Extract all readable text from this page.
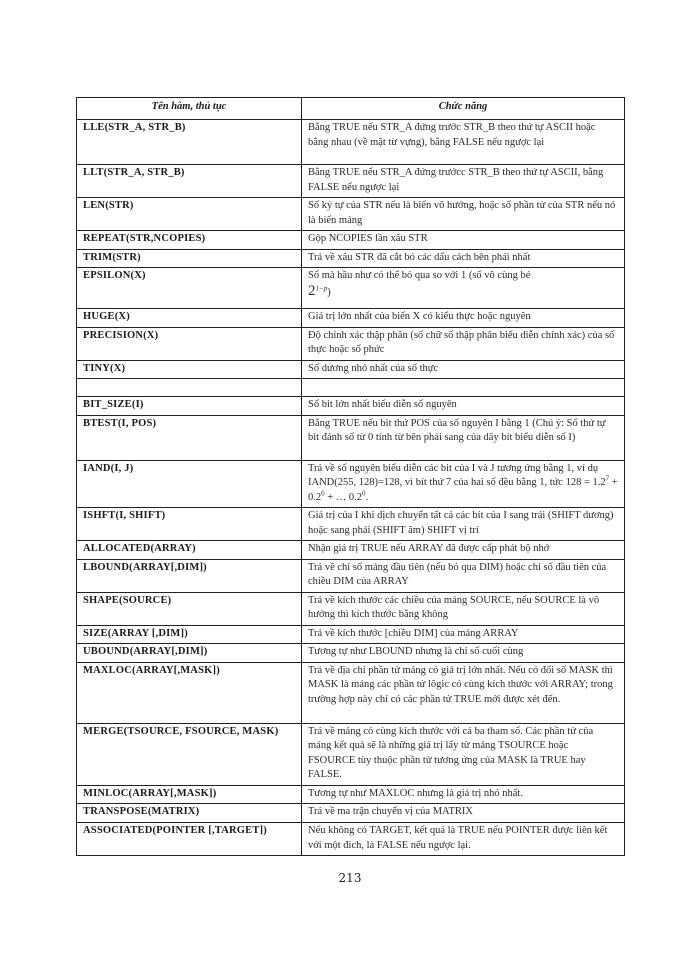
Tên hàm, thủ tục	Chức năng
LLE(STR_A, STR_B)	Bằng TRUE nếu STR_A đứng trước STR_B theo thứ tự ASCII hoặc bằng nhau (về mặt từ vựng), bằng FALSE nếu ngược lại
LLT(STR_A, STR_B)	Bằng TRUE nếu STR_A đứng trướcc STR_B theo thứ tự ASCII, bằng FALSE nếu ngược lại
LEN(STR)	Số ký tự của STR nếu là biến vô hướng, hoặc số phần tử của STR nếu nó là biến mảng
REPEAT(STR,NCOPIES)	Gộp NCOPIES lần xâu STR
TRIM(STR)	Trả về xâu STR đã cắt bỏ các dấu cách bên phải nhất
EPSILON(X)	Số mà hầu như có thể bỏ qua so với 1 (số vô cùng bé
$2^{1-p}$)
HUGE(X)	Giá trị lớn nhất của biến X có kiểu thực hoặc nguyên
PRECISION(X)	Độ chính xác thập phân (số chữ số thập phân biểu diễn chính xác) của số thực hoặc số phức
TINY(X)	Số dương nhỏ nhất của số thực

BIT_SIZE(I)	Số bit lớn nhất biểu diễn số nguyên
BTEST(I, POS)	Bằng TRUE nếu bit thứ POS của số nguyên I bằng 1 (Chú ý: Số thứ tự bit đánh số từ 0 tính từ bên phải sang của dãy bít biểu diễn số I)
IAND(I, J)	Trả về số nguyên biểu diễn các bit của I và J tương ứng bằng 1, ví dụ IAND(255, 128)=128, vì bít thứ 7 của hai số đều bằng 1, tức $128 = 1.2^7 + 0.2^6$ + … $0.2^0$.
ISHFT(I, SHIFT)	Giá trị của I khi dịch chuyển tất cả các bít của I sang trái (SHIFT dương) hoặc sang phải (SHIFT âm) SHIFT vị trí
ALLOCATED(ARRAY)	Nhận giá trị TRUE nếu ARRAY đã được cấp phát bộ nhớ
LBOUND(ARRAY[,DIM])	Trả về chỉ số mảng đầu tiên (nếu bỏ qua DIM) hoặc chỉ số đầu tiên của chiều DIM của ARRAY
SHAPE(SOURCE)	Trả về kích thước các chiều của mảng SOURCE, nếu SOURCE là vô hướng thì kích thước bằng không
SIZE(ARRAY [,DIM])	Trả về kích thước [chiều DIM] của mảng ARRAY
UBOUND(ARRAY[,DIM])	Tương tự như LBOUND nhưng là chỉ số cuối cùng
MAXLOC(ARRAY[,MASK])	Trả về địa chỉ phần tử mảng có giá trị lớn nhất. Nếu có đối số MASK thì MASK là mảng các phần tử lôgic có cùng kích thước với ARRAY; trong trường hợp này chỉ có các phần tử TRUE mới được xét đến.
MERGE(TSOURCE, FSOURCE, MASK)	Trả về mảng có cùng kích thước với cả ba tham số. Các phần tử của mảng kết quả sẽ là những giá trị lấy từ mảng TSOURCE hoặc FSOURCE tùy thuộc phần tử tương ứng của MASK là TRUE hay FALSE.
MINLOC(ARRAY[,MASK])	Tương tự như MAXLOC nhưng là giá trị nhỏ nhất.
TRANSPOSE(MATRIX)	Trả về ma trận chuyển vị của MATRIX
ASSOCIATED(POINTER [,TARGET])	Nếu không có TARGET, kết quả là TRUE nếu POINTER được liên kết với một đích, là FALSE nếu ngược lại.
213
